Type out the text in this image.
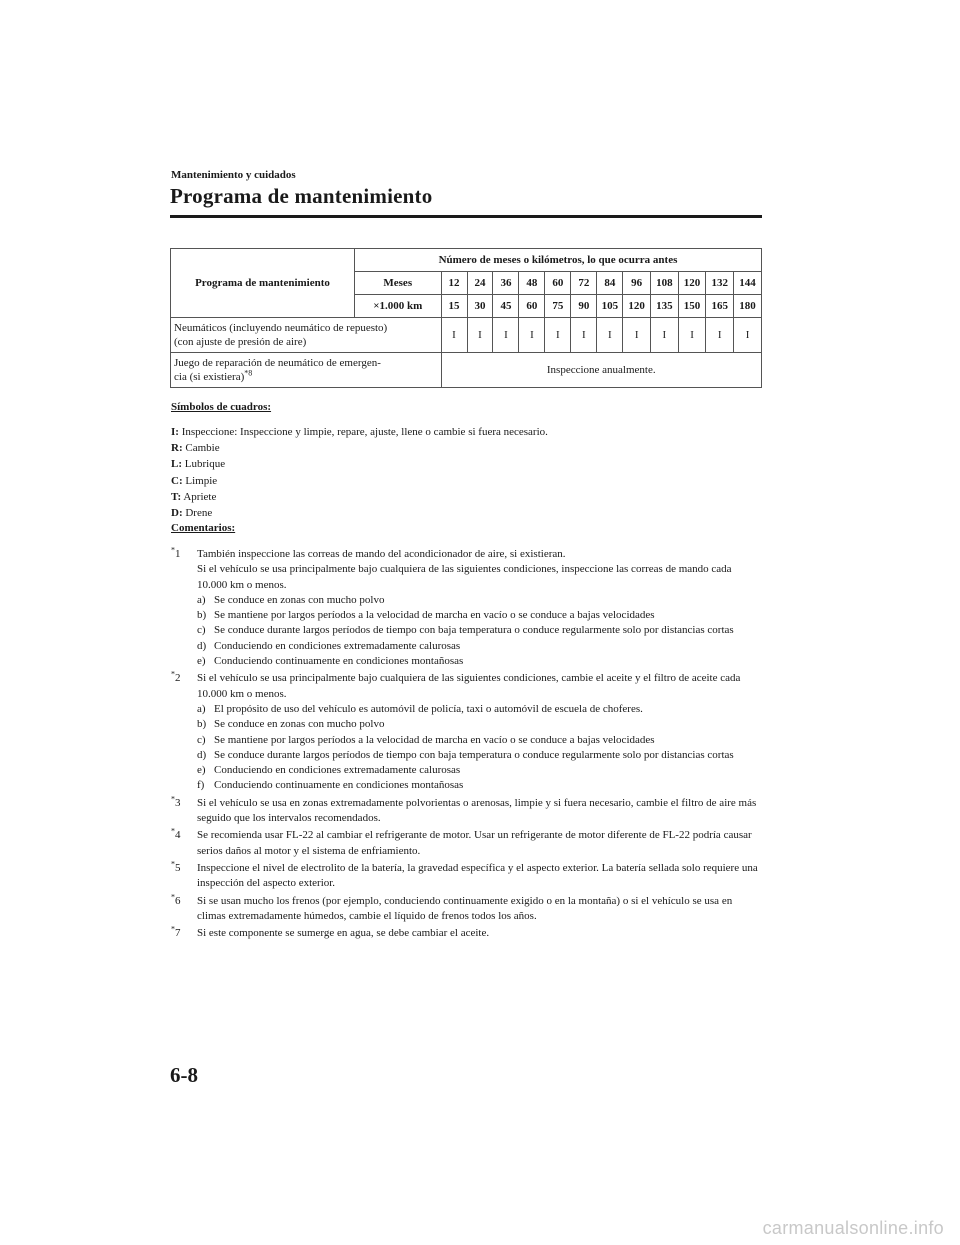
Mantenimiento y cuidados
Programa de mantenimiento
Programa de mantenimiento	Número de meses o kilómetros, lo que ocurra antes												
	Meses	12	24	36	48	60	72	84	96	108	120	132	144
	×1.000 km	15	30	45	60	75	90	105	120	135	150	165	180
Neumáticos (incluyendo neumático de repuesto)
(con ajuste de presión de aire)		I	I	I	I	I	I	I	I	I	I	I	I
Juego de reparación de neumático de emergen-
cia (si existiera)$^{*8}$		Inspeccione anualmente.											
Símbolos de cuadros:
I: Inspeccione: Inspeccione y limpie, repare, ajuste, llene o cambie si fuera necesario.
R: Cambie
L: Lubrique
C: Limpie
T: Apriete
D: Drene
Comentarios:
*1 También inspeccione las correas de mando del acondicionador de aire, si existieran.
Si el vehículo se usa principalmente bajo cualquiera de las siguientes condiciones, inspeccione las correas de mando cada 10.000 km o menos.
a) Se conduce en zonas con mucho polvo
b) Se mantiene por largos períodos a la velocidad de marcha en vacío o se conduce a bajas velocidades
c) Se conduce durante largos períodos de tiempo con baja temperatura o conduce regularmente solo por distancias cortas
d) Conduciendo en condiciones extremadamente calurosas
e) Conduciendo continuamente en condiciones montañosas
*2 Si el vehículo se usa principalmente bajo cualquiera de las siguientes condiciones, cambie el aceite y el filtro de aceite cada 10.000 km o menos.
a) El propósito de uso del vehículo es automóvil de policía, taxi o automóvil de escuela de choferes.
b) Se conduce en zonas con mucho polvo
c) Se mantiene por largos períodos a la velocidad de marcha en vacío o se conduce a bajas velocidades
d) Se conduce durante largos períodos de tiempo con baja temperatura o conduce regularmente solo por distancias cortas
e) Conduciendo en condiciones extremadamente calurosas
f) Conduciendo continuamente en condiciones montañosas
*3 Si el vehículo se usa en zonas extremadamente polvorientas o arenosas, limpie y si fuera necesario, cambie el filtro de aire más seguido que los intervalos recomendados.
*4 Se recomienda usar FL-22 al cambiar el refrigerante de motor. Usar un refrigerante de motor diferente de FL-22 podría causar serios daños al motor y el sistema de enfriamiento.
*5 Inspeccione el nivel de electrolito de la batería, la gravedad específica y el aspecto exterior. La batería sellada solo requiere una inspección del aspecto exterior.
*6 Si se usan mucho los frenos (por ejemplo, conduciendo continuamente exigido o en la montaña) o si el vehículo se usa en climas extremadamente húmedos, cambie el líquido de frenos todos los años.
*7 Si este componente se sumerge en agua, se debe cambiar el aceite.
6-8
carmanualsonline.info
